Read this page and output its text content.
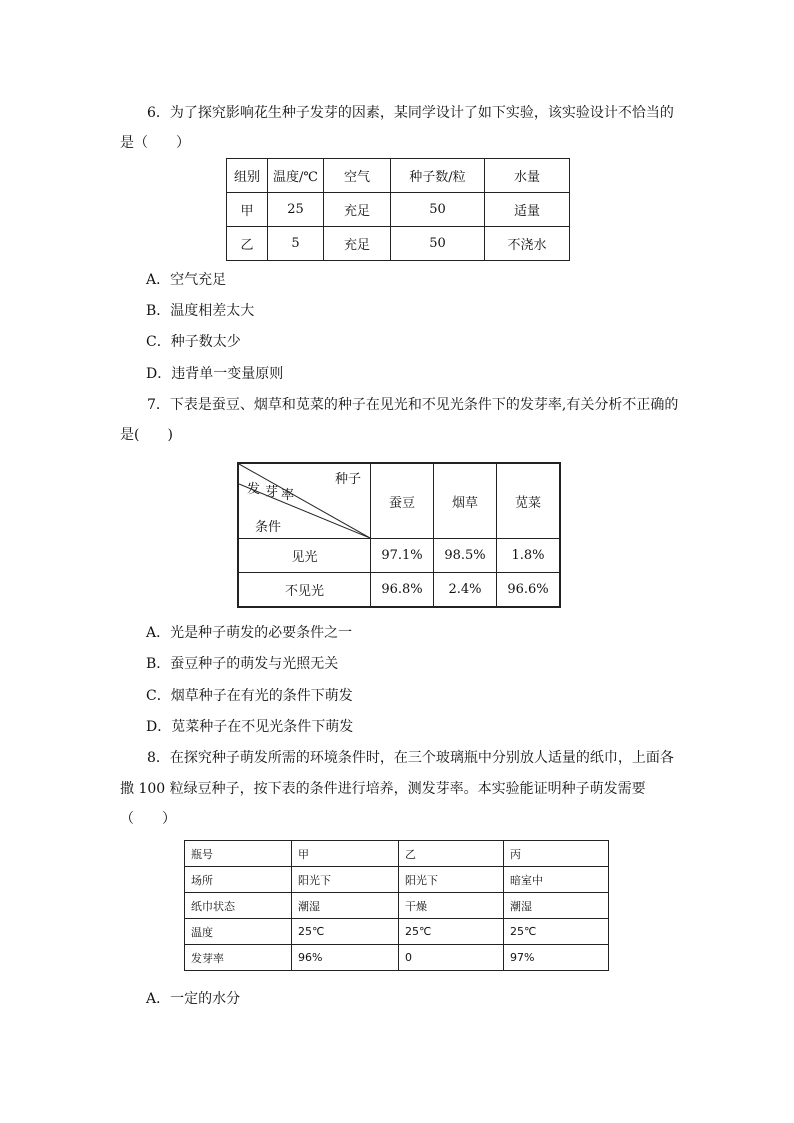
6．为了探究影响花生种子发芽的因素，某同学设计了如下实验，该实验设计不恰当的
是（　　）
组别	温度/℃	空气	种子数/粒	水量
甲	25	充足	50	适量
乙	5	充足	50	不浇水
A．空气充足
B．温度相差太大
C．种子数太少
D．违背单一变量原则
7．下表是蚕豆、烟草和苋菜的种子在见光和不见光条件下的发芽率,有关分析不正确的
是(　　)
种子
发 芽 率
条件	蚕豆	烟草	苋菜
见光	97.1%	98.5%	1.8%
不见光	96.8%	2.4%	96.6%
A．光是种子萌发的必要条件之一
B．蚕豆种子的萌发与光照无关
C．烟草种子在有光的条件下萌发
D．苋菜种子在不见光条件下萌发
8．在探究种子萌发所需的环境条件时，在三个玻璃瓶中分别放人适量的纸巾，上面各
撒 100 粒绿豆种子，按下表的条件进行培养，测发芽率。本实验能证明种子萌发需要
（　　）
瓶号	甲	乙	丙
场所	阳光下	阳光下	暗室中
纸巾状态	潮湿	干燥	潮湿
温度	25℃	25℃	25℃
发芽率	96%	0	97%
A．一定的水分
